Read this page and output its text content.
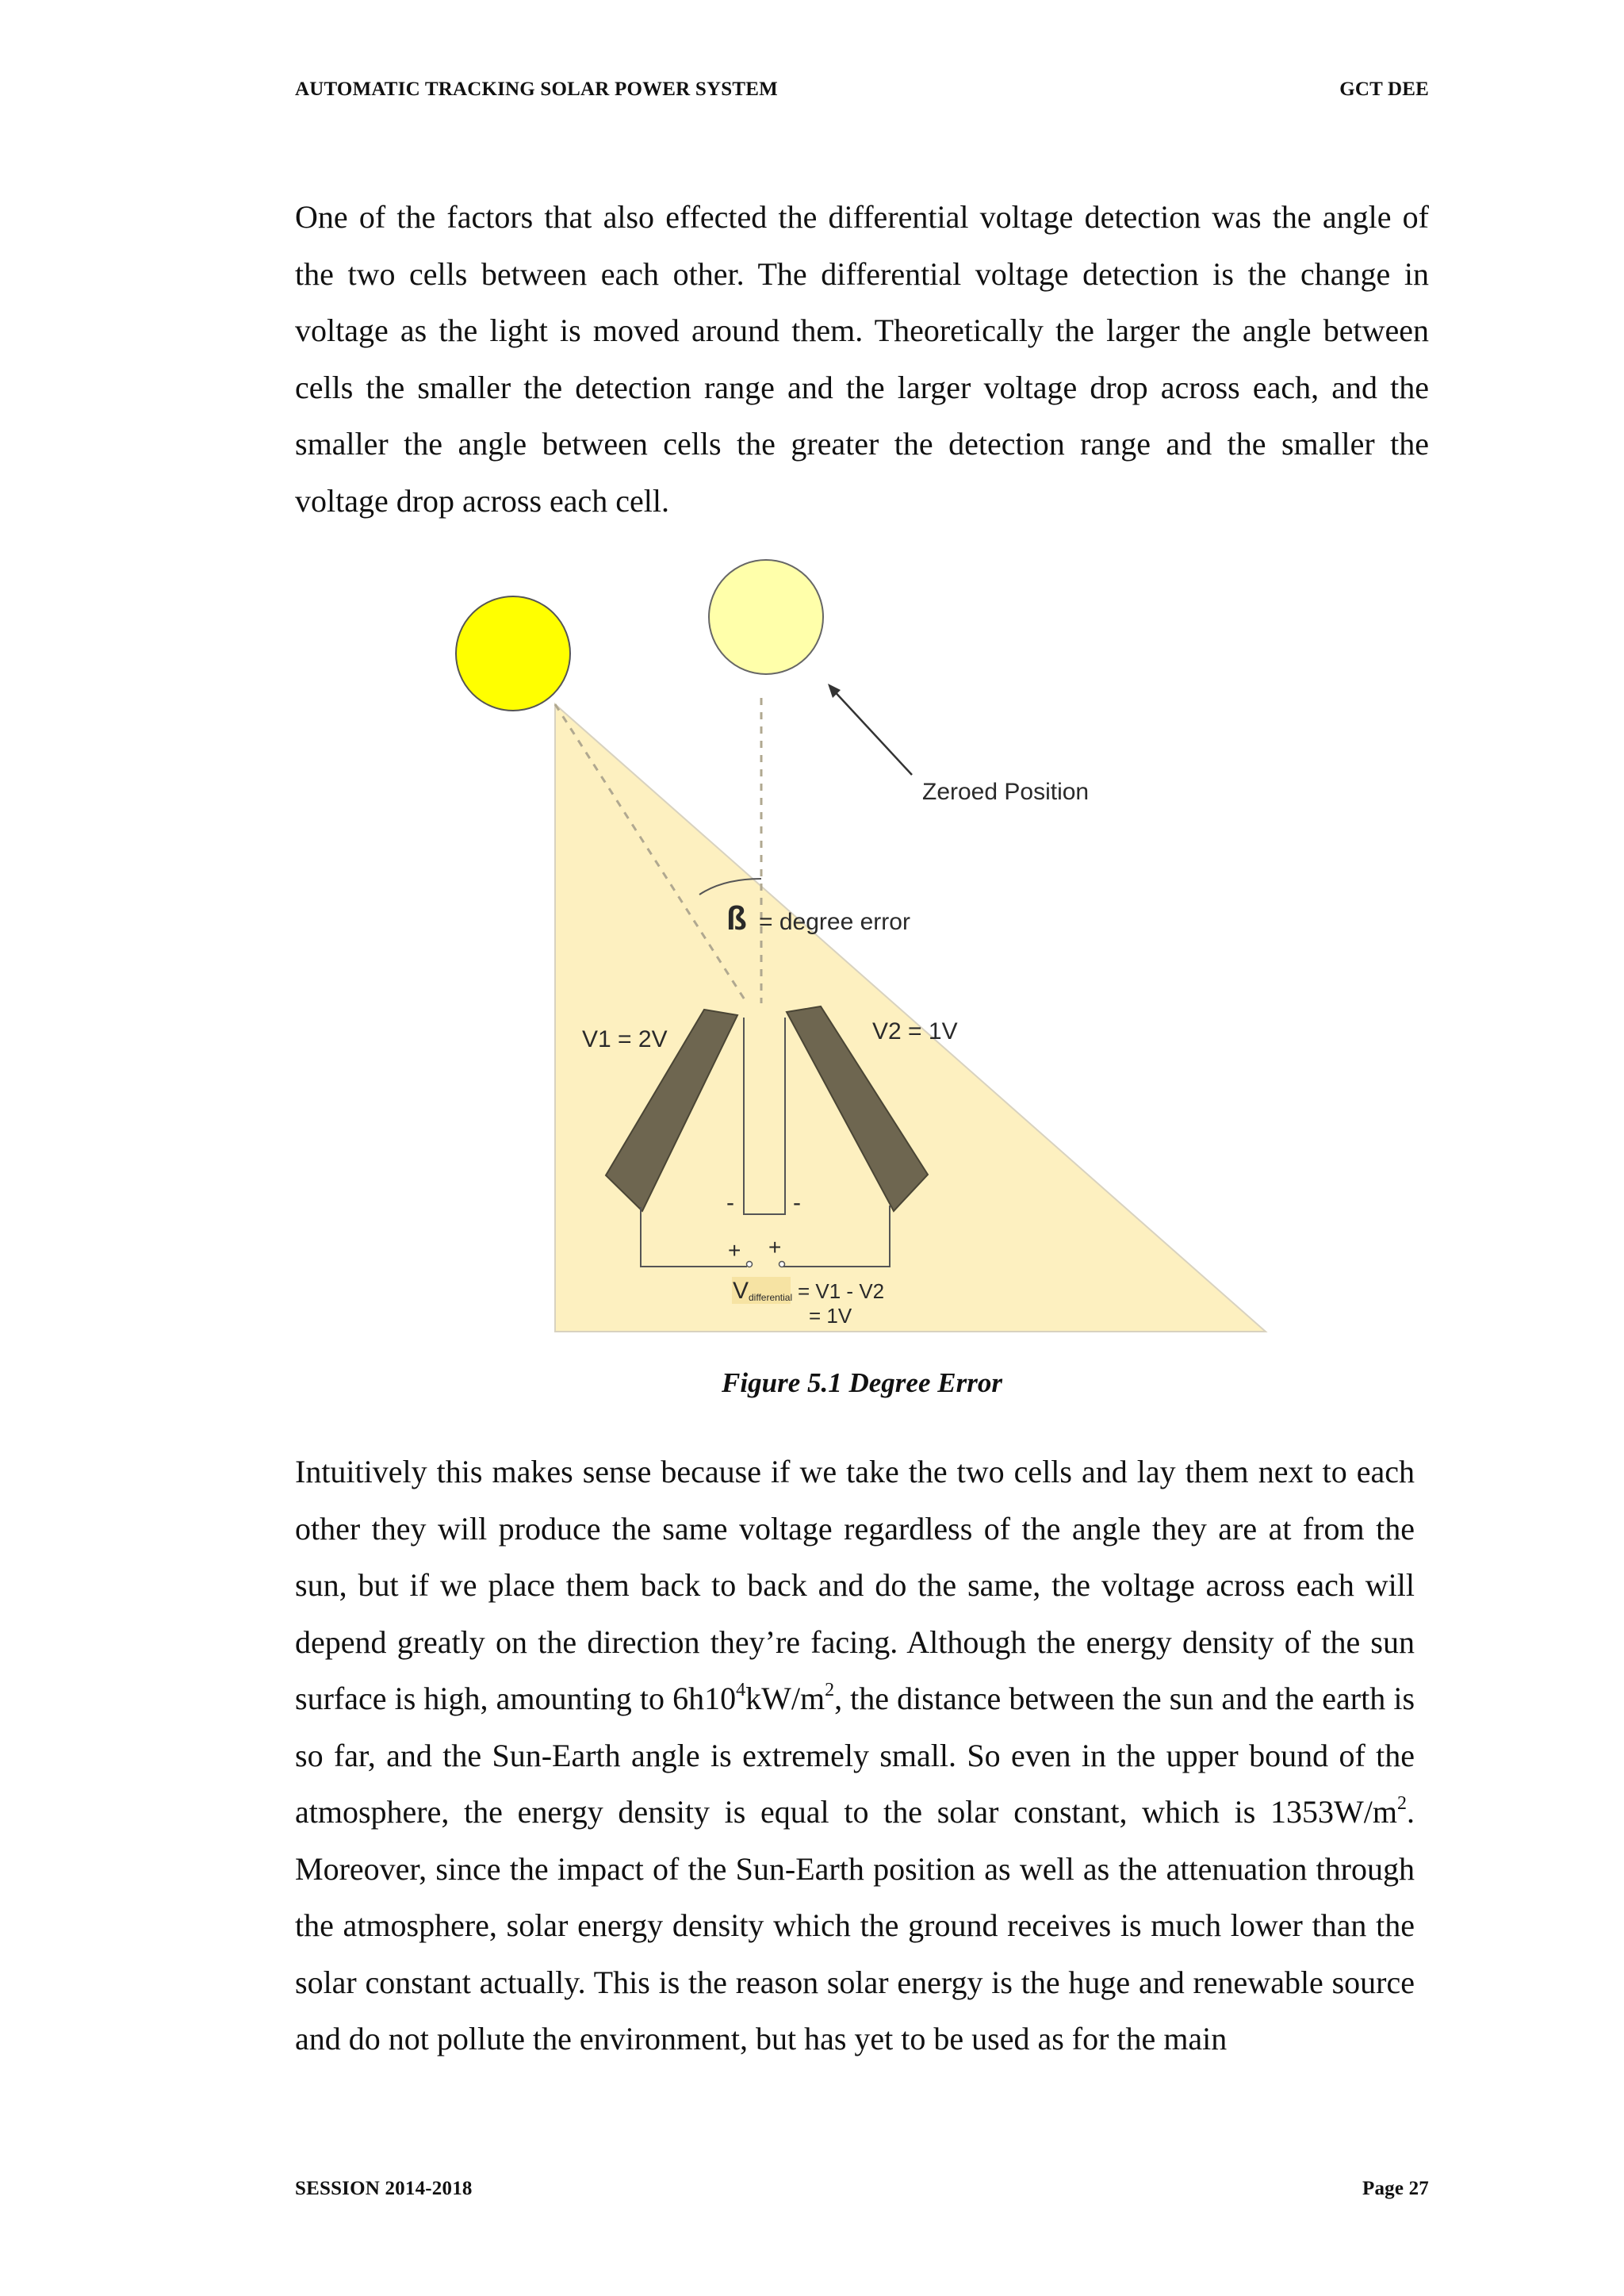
AUTOMATIC TRACKING SOLAR POWER SYSTEM	GCT DEE

One of the factors that also effected the differential voltage detection was the angle of the two cells between each other. The differential voltage detection is the change in voltage as the light is moved around them. Theoretically the larger the angle between cells the smaller the detection range and the larger voltage drop across each, and the smaller the angle between cells the greater the detection range and the smaller the voltage drop across each cell.

Zeroed Position
ß = degree error
V1 = 2V	V2 = 1V
- -
+ +
V differential = V1 - V2
= 1V
Figure 5.1 Degree Error

Intuitively this makes sense because if we take the two cells and lay them next to each other they will produce the same voltage regardless of the angle they are at from the sun, but if we place them back to back and do the same, the voltage across each will depend greatly on the direction they’re facing. Although the energy density of the sun surface is high, amounting to $6h10^4kW/m^2$, the distance between the sun and the earth is so far, and the Sun-Earth angle is extremely small. So even in the upper bound of the atmosphere, the energy density is equal to the solar constant, which is $1353W/m^2$. Moreover, since the impact of the Sun-Earth position as well as the attenuation through the atmosphere, solar energy density which the ground receives is much lower than the solar constant actually. This is the reason solar energy is the huge and renewable source and do not pollute the environment, but has yet to be used as for the main

SESSION 2014-2018	Page 27
